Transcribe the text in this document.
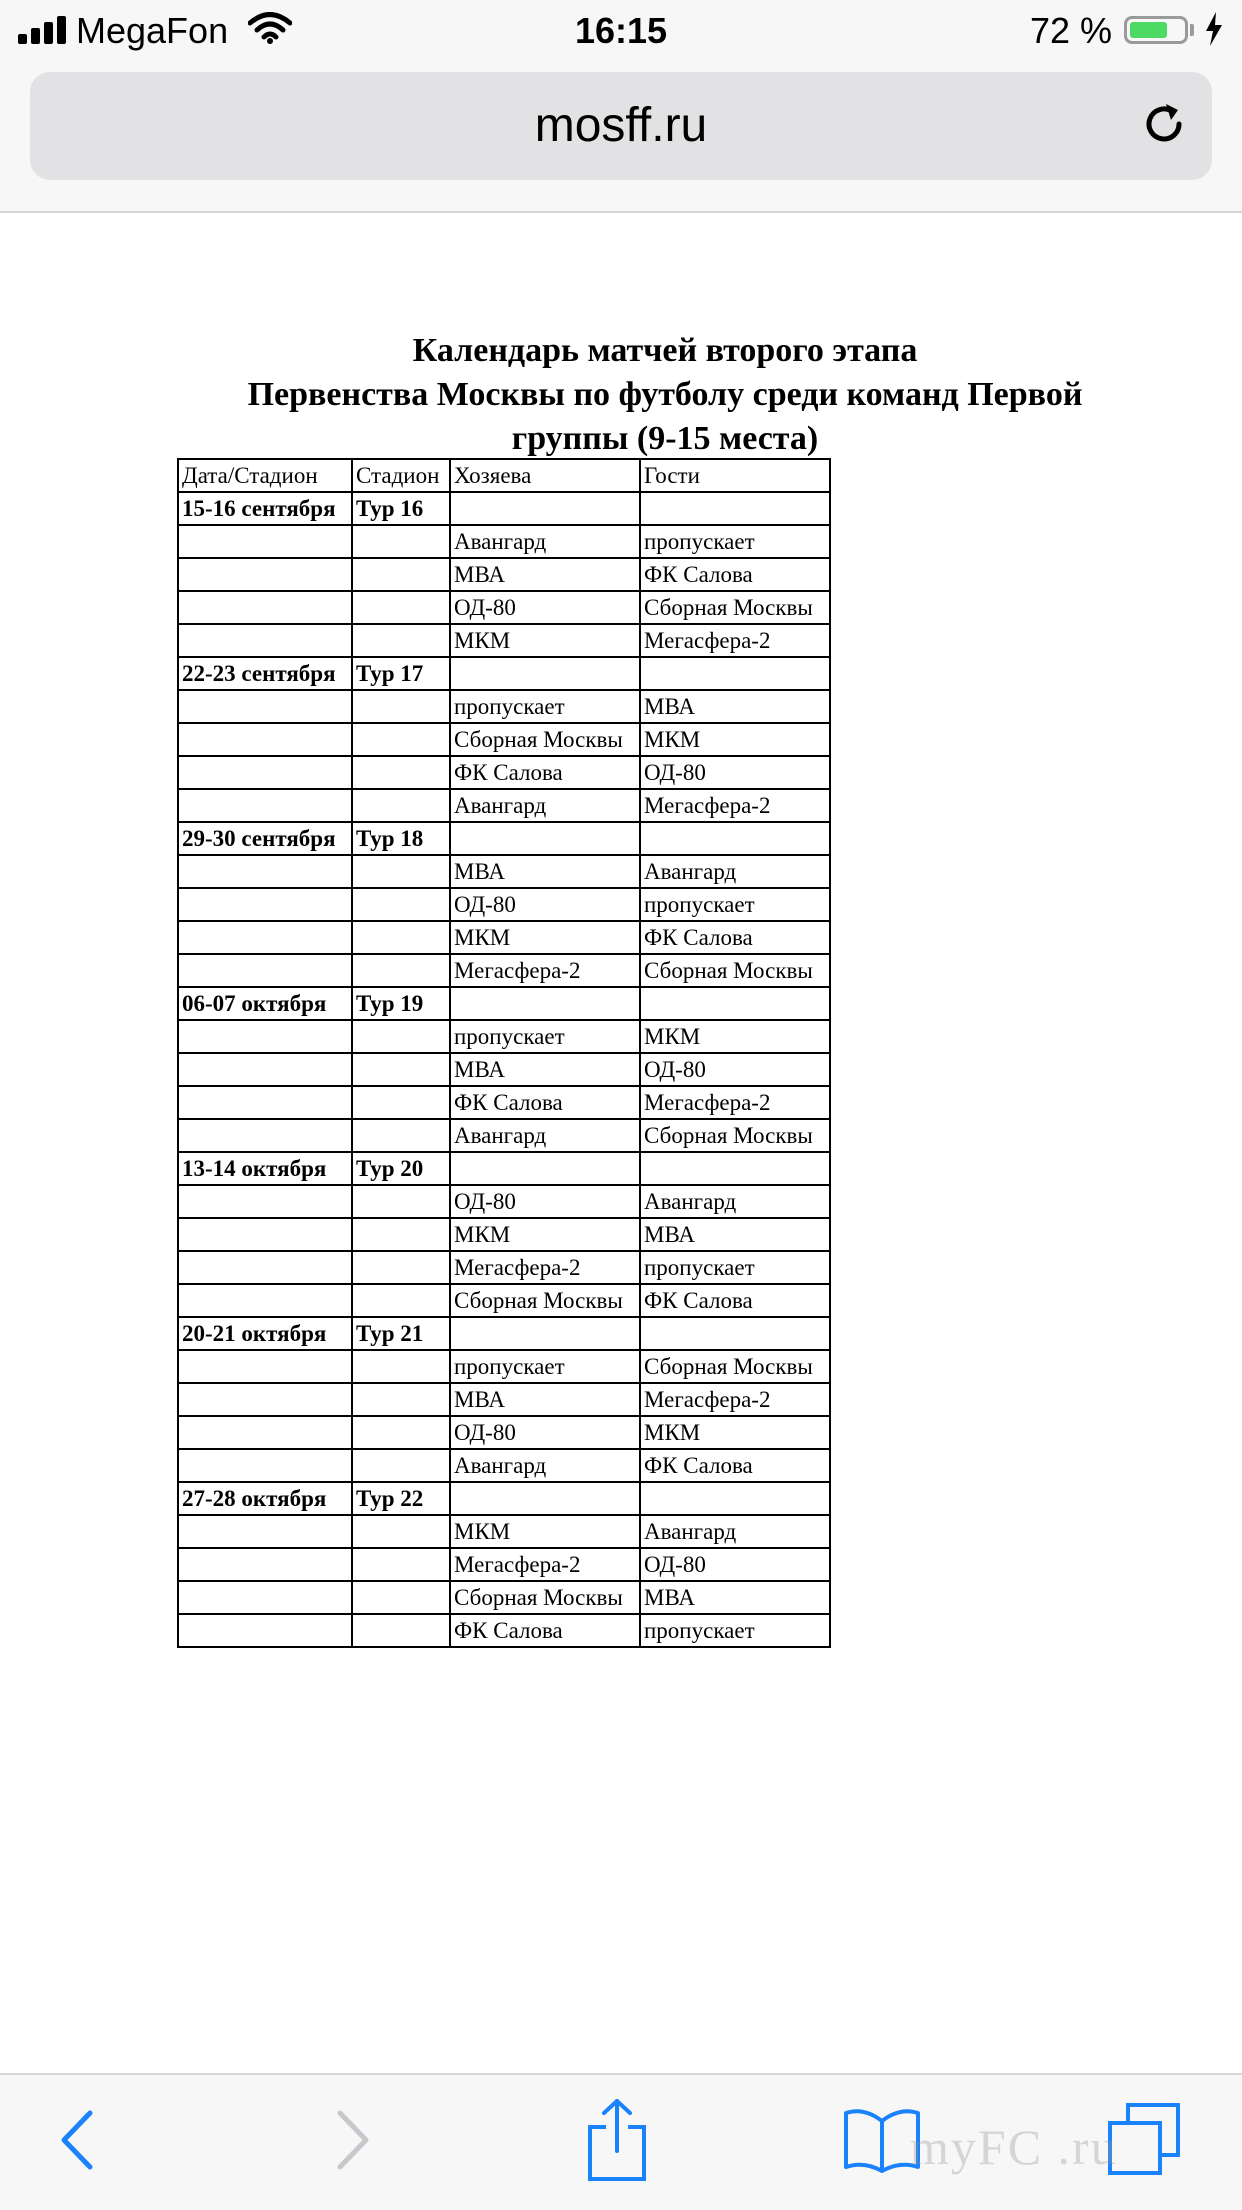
MegaFon	16:15	72 %
mosff.ru
Календарь матчей второго этапа
Первенства Москвы по футболу среди команд Первой
группы (9-15 места)
Дата/Стадион	Стадион	Хозяева	Гости
15-16 сентября	Тур 16		
		Авангард	пропускает
		МВА	ФК Салова
		ОД-80	Сборная Москвы
		МКМ	Мегасфера-2
22-23 сентября	Тур 17		
		пропускает	МВА
		Сборная Москвы	МКМ
		ФК Салова	ОД-80
		Авангард	Мегасфера-2
29-30 сентября	Тур 18		
		МВА	Авангард
		ОД-80	пропускает
		МКМ	ФК Салова
		Мегасфера-2	Сборная Москвы
06-07 октября	Тур 19		
		пропускает	МКМ
		МВА	ОД-80
		ФК Салова	Мегасфера-2
		Авангард	Сборная Москвы
13-14 октября	Тур 20		
		ОД-80	Авангард
		МКМ	МВА
		Мегасфера-2	пропускает
		Сборная Москвы	ФК Салова
20-21 октября	Тур 21		
		пропускает	Сборная Москвы
		МВА	Мегасфера-2
		ОД-80	МКМ
		Авангард	ФК Салова
27-28 октября	Тур 22		
		МКМ	Авангард
		Мегасфера-2	ОД-80
		Сборная Москвы	МВА
		ФК Салова	пропускает
myFC .ru
